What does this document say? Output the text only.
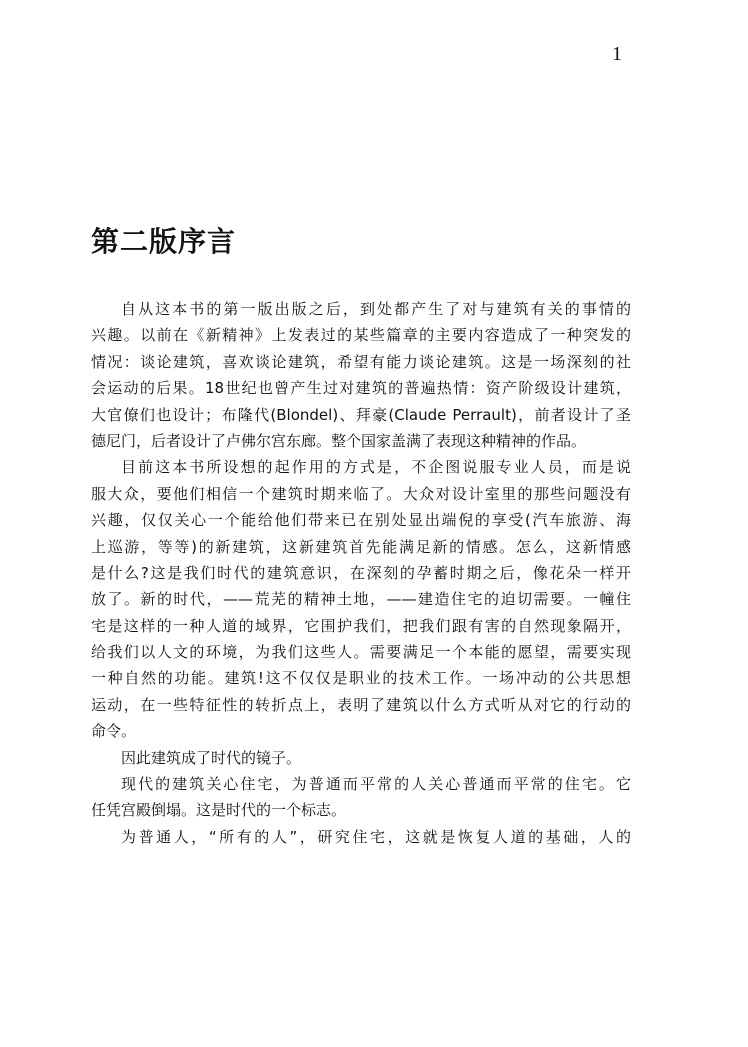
1
第二版序言
自从这本书的第一版出版之后，到处都产生了对与建筑有关的事情的
兴趣。以前在《新精神》上发表过的某些篇章的主要内容造成了一种突发的
情况：谈论建筑，喜欢谈论建筑，希望有能力谈论建筑。这是一场深刻的社
会运动的后果。18世纪也曾产生过对建筑的普遍热情：资产阶级设计建筑，
大官僚们也设计；布隆代(Blondel)、拜豪(Claude Perrault)，前者设计了圣
德尼门，后者设计了卢佛尔宫东廊。整个国家盖满了表现这种精神的作品。
目前这本书所设想的起作用的方式是，不企图说服专业人员，而是说
服大众，要他们相信一个建筑时期来临了。大众对设计室里的那些问题没有
兴趣，仅仅关心一个能给他们带来已在别处显出端倪的享受(汽车旅游、海
上巡游，等等)的新建筑，这新建筑首先能满足新的情感。怎么，这新情感
是什么?这是我们时代的建筑意识，在深刻的孕蓄时期之后，像花朵一样开
放了。新的时代，——荒芜的精神土地，——建造住宅的迫切需要。一幢住
宅是这样的一种人道的域界，它围护我们，把我们跟有害的自然现象隔开，
给我们以人文的环境，为我们这些人。需要满足一个本能的愿望，需要实现
一种自然的功能。建筑!这不仅仅是职业的技术工作。一场冲动的公共思想
运动，在一些特征性的转折点上，表明了建筑以什么方式听从对它的行动的
命令。
因此建筑成了时代的镜子。
现代的建筑关心住宅，为普通而平常的人关心普通而平常的住宅。它
任凭宫殿倒塌。这是时代的一个标志。
为普通人，“所有的人”，研究住宅，这就是恢复人道的基础，人的
